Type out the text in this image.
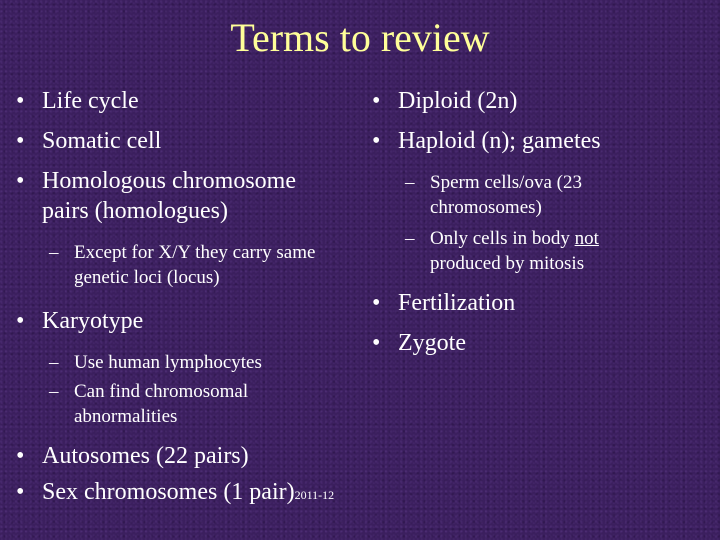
Terms to review
• Life cycle
• Somatic cell
• Homologous chromosome pairs (homologues)
– Except for X/Y they carry same genetic loci (locus)
• Karyotype
– Use human lymphocytes
– Can find chromosomal abnormalities
• Autosomes (22 pairs)
• Sex chromosomes (1 pair)2011-12
• Diploid (2n)
• Haploid (n); gametes
– Sperm cells/ova (23 chromosomes)
– Only cells in body not produced by mitosis
• Fertilization
• Zygote
